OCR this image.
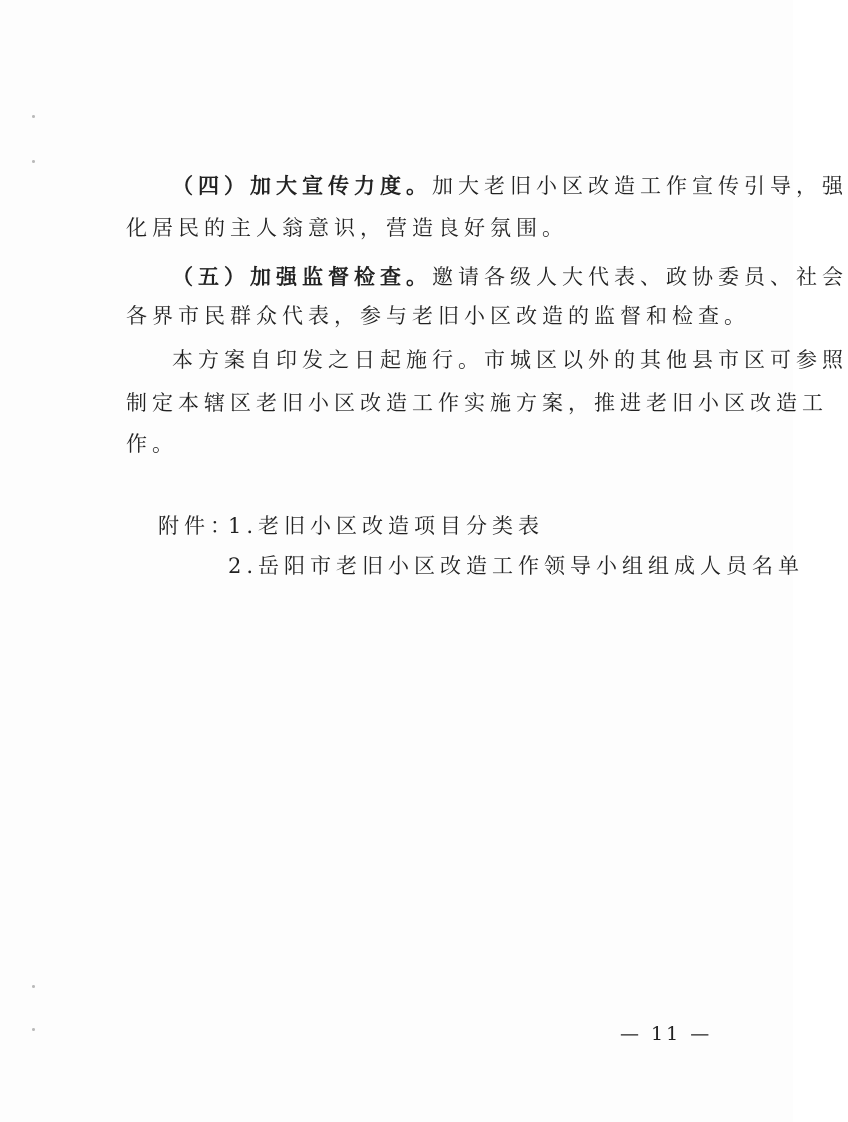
（四）加大宣传力度。加大老旧小区改造工作宣传引导，强
化居民的主人翁意识，营造良好氛围。
（五）加强监督检查。邀请各级人大代表、政协委员、社会
各界市民群众代表，参与老旧小区改造的监督和检查。
本方案自印发之日起施行。市城区以外的其他县市区可参照
制定本辖区老旧小区改造工作实施方案，推进老旧小区改造工
作。
附件：
1.老旧小区改造项目分类表
2.岳阳市老旧小区改造工作领导小组组成人员名单
— 11 —
